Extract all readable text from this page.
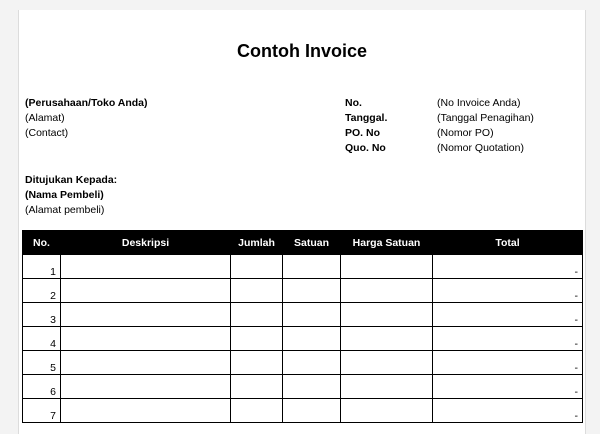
Contoh Invoice
(Perusahaan/Toko Anda)
(Alamat)
(Contact)
No.	(No Invoice Anda)
Tanggal.	(Tanggal Penagihan)
PO. No	(Nomor PO)
Quo. No	(Nomor Quotation)
Ditujukan Kepada:
(Nama Pembeli)
(Alamat pembeli)
No.	Deskripsi	Jumlah	Satuan	Harga Satuan	Total
1					-
2					-
3					-
4					-
5					-
6					-
7					-
